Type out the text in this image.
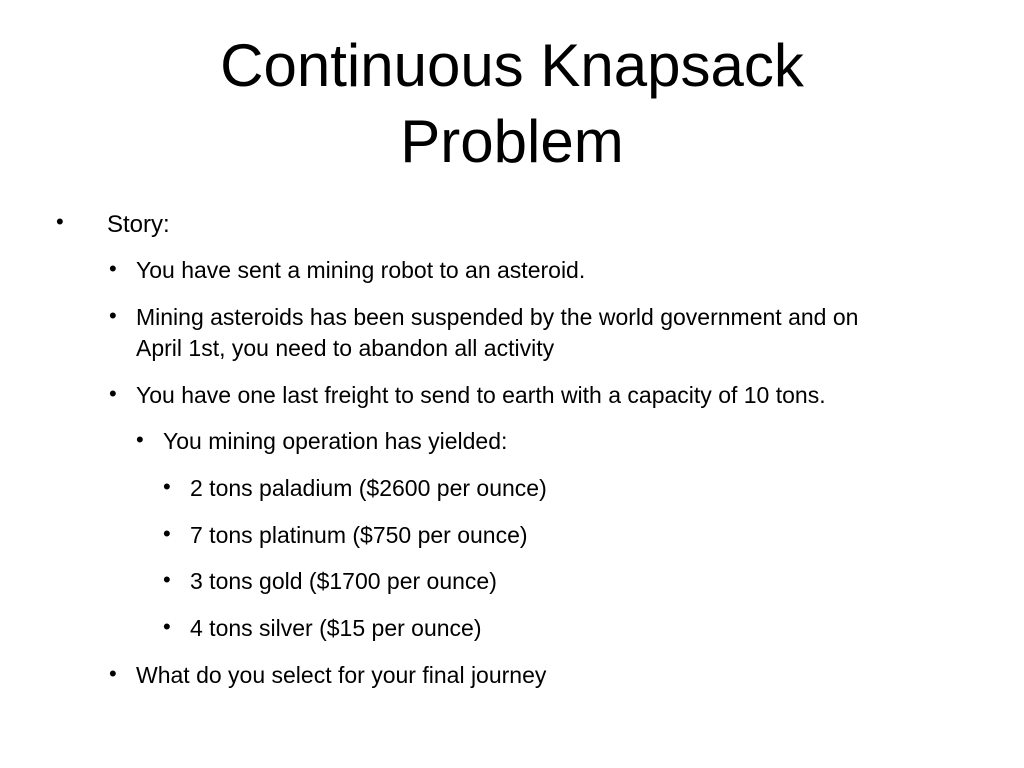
Continuous Knapsack
Problem
• Story:
• You have sent a mining robot to an asteroid.
• Mining asteroids has been suspended by the world government and on
April 1st, you need to abandon all activity
• You have one last freight to send to earth with a capacity of 10 tons.
• You mining operation has yielded:
• 2 tons paladium ($2600 per ounce)
• 7 tons platinum ($750 per ounce)
• 3 tons gold ($1700 per ounce)
• 4 tons silver ($15 per ounce)
• What do you select for your final journey
